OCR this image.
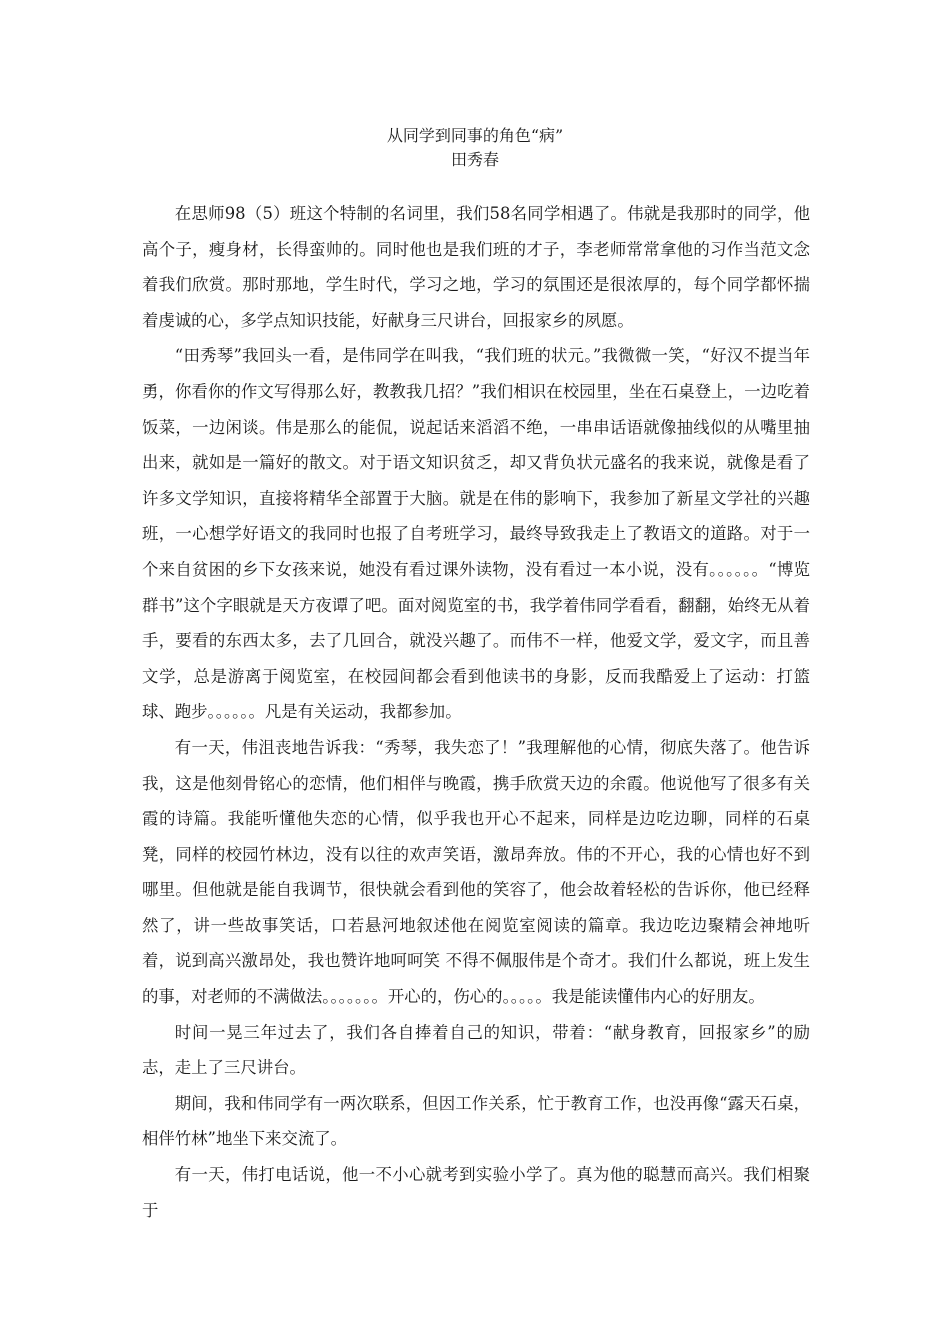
从同学到同事的角色“病”
田秀春

在思师98（5）班这个特制的名词里，我们58名同学相遇了。伟就是我那时的同学，他高个子，瘦身材，长得蛮帅的。同时他也是我们班的才子，李老师常常拿他的习作当范文念着我们欣赏。那时那地，学生时代，学习之地，学习的氛围还是很浓厚的，每个同学都怀揣着虔诚的心，多学点知识技能，好献身三尺讲台，回报家乡的夙愿。

“田秀琴”我回头一看，是伟同学在叫我，“我们班的状元。”我微微一笑，“好汉不提当年勇，你看你的作文写得那么好，教教我几招？”我们相识在校园里，坐在石桌登上，一边吃着饭菜，一边闲谈。伟是那么的能侃，说起话来滔滔不绝，一串串话语就像抽线似的从嘴里抽出来，就如是一篇好的散文。对于语文知识贫乏，却又背负状元盛名的我来说，就像是看了许多文学知识，直接将精华全部置于大脑。就是在伟的影响下，我参加了新星文学社的兴趣班，一心想学好语文的我同时也报了自考班学习，最终导致我走上了教语文的道路。对于一个来自贫困的乡下女孩来说，她没有看过课外读物，没有看过一本小说，没有。。。。。。“博览群书”这个字眼就是天方夜谭了吧。面对阅览室的书，我学着伟同学看看，翻翻，始终无从着手，要看的东西太多，去了几回合，就没兴趣了。而伟不一样，他爱文学，爱文字，而且善文学，总是游离于阅览室，在校园间都会看到他读书的身影，反而我酷爱上了运动：打篮球、跑步。。。。。。凡是有关运动，我都参加。

有一天，伟沮丧地告诉我：“秀琴，我失恋了！”我理解他的心情，彻底失落了。他告诉我，这是他刻骨铭心的恋情，他们相伴与晚霞，携手欣赏天边的余霞。他说他写了很多有关霞的诗篇。我能听懂他失恋的心情，似乎我也开心不起来，同样是边吃边聊，同样的石桌凳，同样的校园竹林边，没有以往的欢声笑语，激昂奔放。伟的不开心，我的心情也好不到哪里。但他就是能自我调节，很快就会看到他的笑容了，他会故着轻松的告诉你，他已经释然了，讲一些故事笑话，口若悬河地叙述他在阅览室阅读的篇章。我边吃边聚精会神地听着，说到高兴激昂处，我也赞许地呵呵笑 不得不佩服伟是个奇才。我们什么都说，班上发生的事，对老师的不满做法。。。。。。。开心的，伤心的。。。。。我是能读懂伟内心的好朋友。

时间一晃三年过去了，我们各自捧着自己的知识，带着：“献身教育，回报家乡”的励志，走上了三尺讲台。

期间，我和伟同学有一两次联系，但因工作关系，忙于教育工作，也没再像“露天石桌，相伴竹林”地坐下来交流了。

有一天，伟打电话说，他一不小心就考到实验小学了。真为他的聪慧而高兴。我们相聚于
